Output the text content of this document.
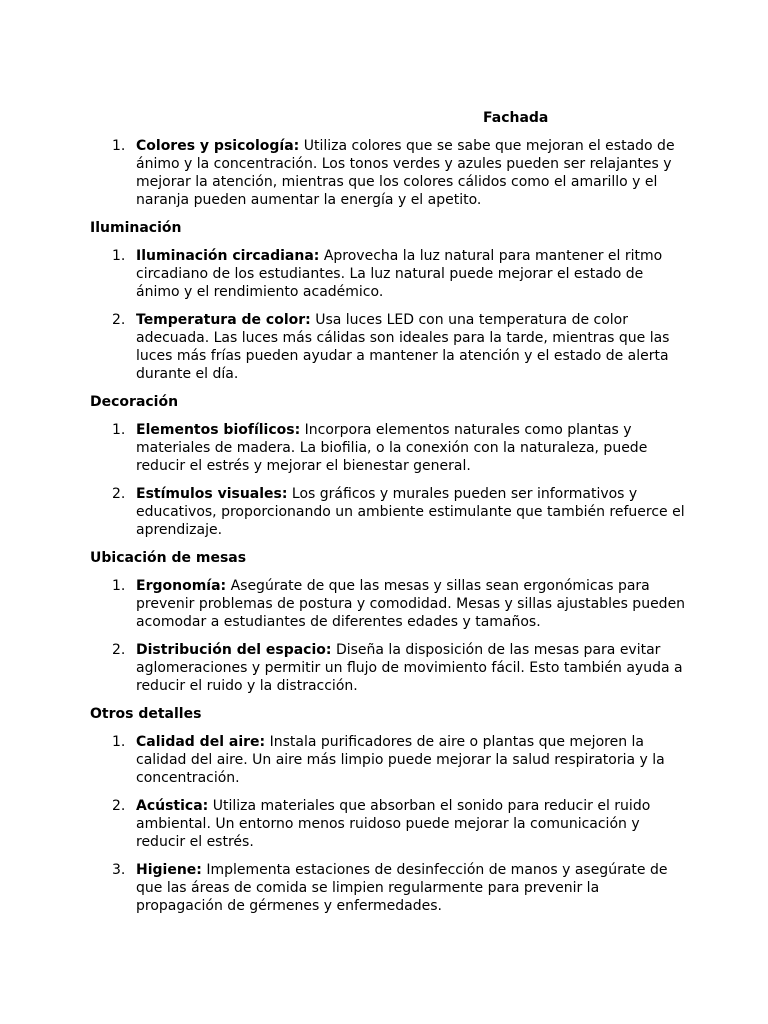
Fachada
1. Colores y psicología: Utiliza colores que se sabe que mejoran el estado de ánimo y la concentración. Los tonos verdes y azules pueden ser relajantes y mejorar la atención, mientras que los colores cálidos como el amarillo y el naranja pueden aumentar la energía y el apetito.
Iluminación
1. Iluminación circadiana: Aprovecha la luz natural para mantener el ritmo circadiano de los estudiantes. La luz natural puede mejorar el estado de ánimo y el rendimiento académico.
2. Temperatura de color: Usa luces LED con una temperatura de color adecuada. Las luces más cálidas son ideales para la tarde, mientras que las luces más frías pueden ayudar a mantener la atención y el estado de alerta durante el día.
Decoración
1. Elementos biofílicos: Incorpora elementos naturales como plantas y materiales de madera. La biofilia, o la conexión con la naturaleza, puede reducir el estrés y mejorar el bienestar general.
2. Estímulos visuales: Los gráficos y murales pueden ser informativos y educativos, proporcionando un ambiente estimulante que también refuerce el aprendizaje.
Ubicación de mesas
1. Ergonomía: Asegúrate de que las mesas y sillas sean ergonómicas para prevenir problemas de postura y comodidad. Mesas y sillas ajustables pueden acomodar a estudiantes de diferentes edades y tamaños.
2. Distribución del espacio: Diseña la disposición de las mesas para evitar aglomeraciones y permitir un flujo de movimiento fácil. Esto también ayuda a reducir el ruido y la distracción.
Otros detalles
1. Calidad del aire: Instala purificadores de aire o plantas que mejoren la calidad del aire. Un aire más limpio puede mejorar la salud respiratoria y la concentración.
2. Acústica: Utiliza materiales que absorban el sonido para reducir el ruido ambiental. Un entorno menos ruidoso puede mejorar la comunicación y reducir el estrés.
3. Higiene: Implementa estaciones de desinfección de manos y asegúrate de que las áreas de comida se limpien regularmente para prevenir la propagación de gérmenes y enfermedades.
